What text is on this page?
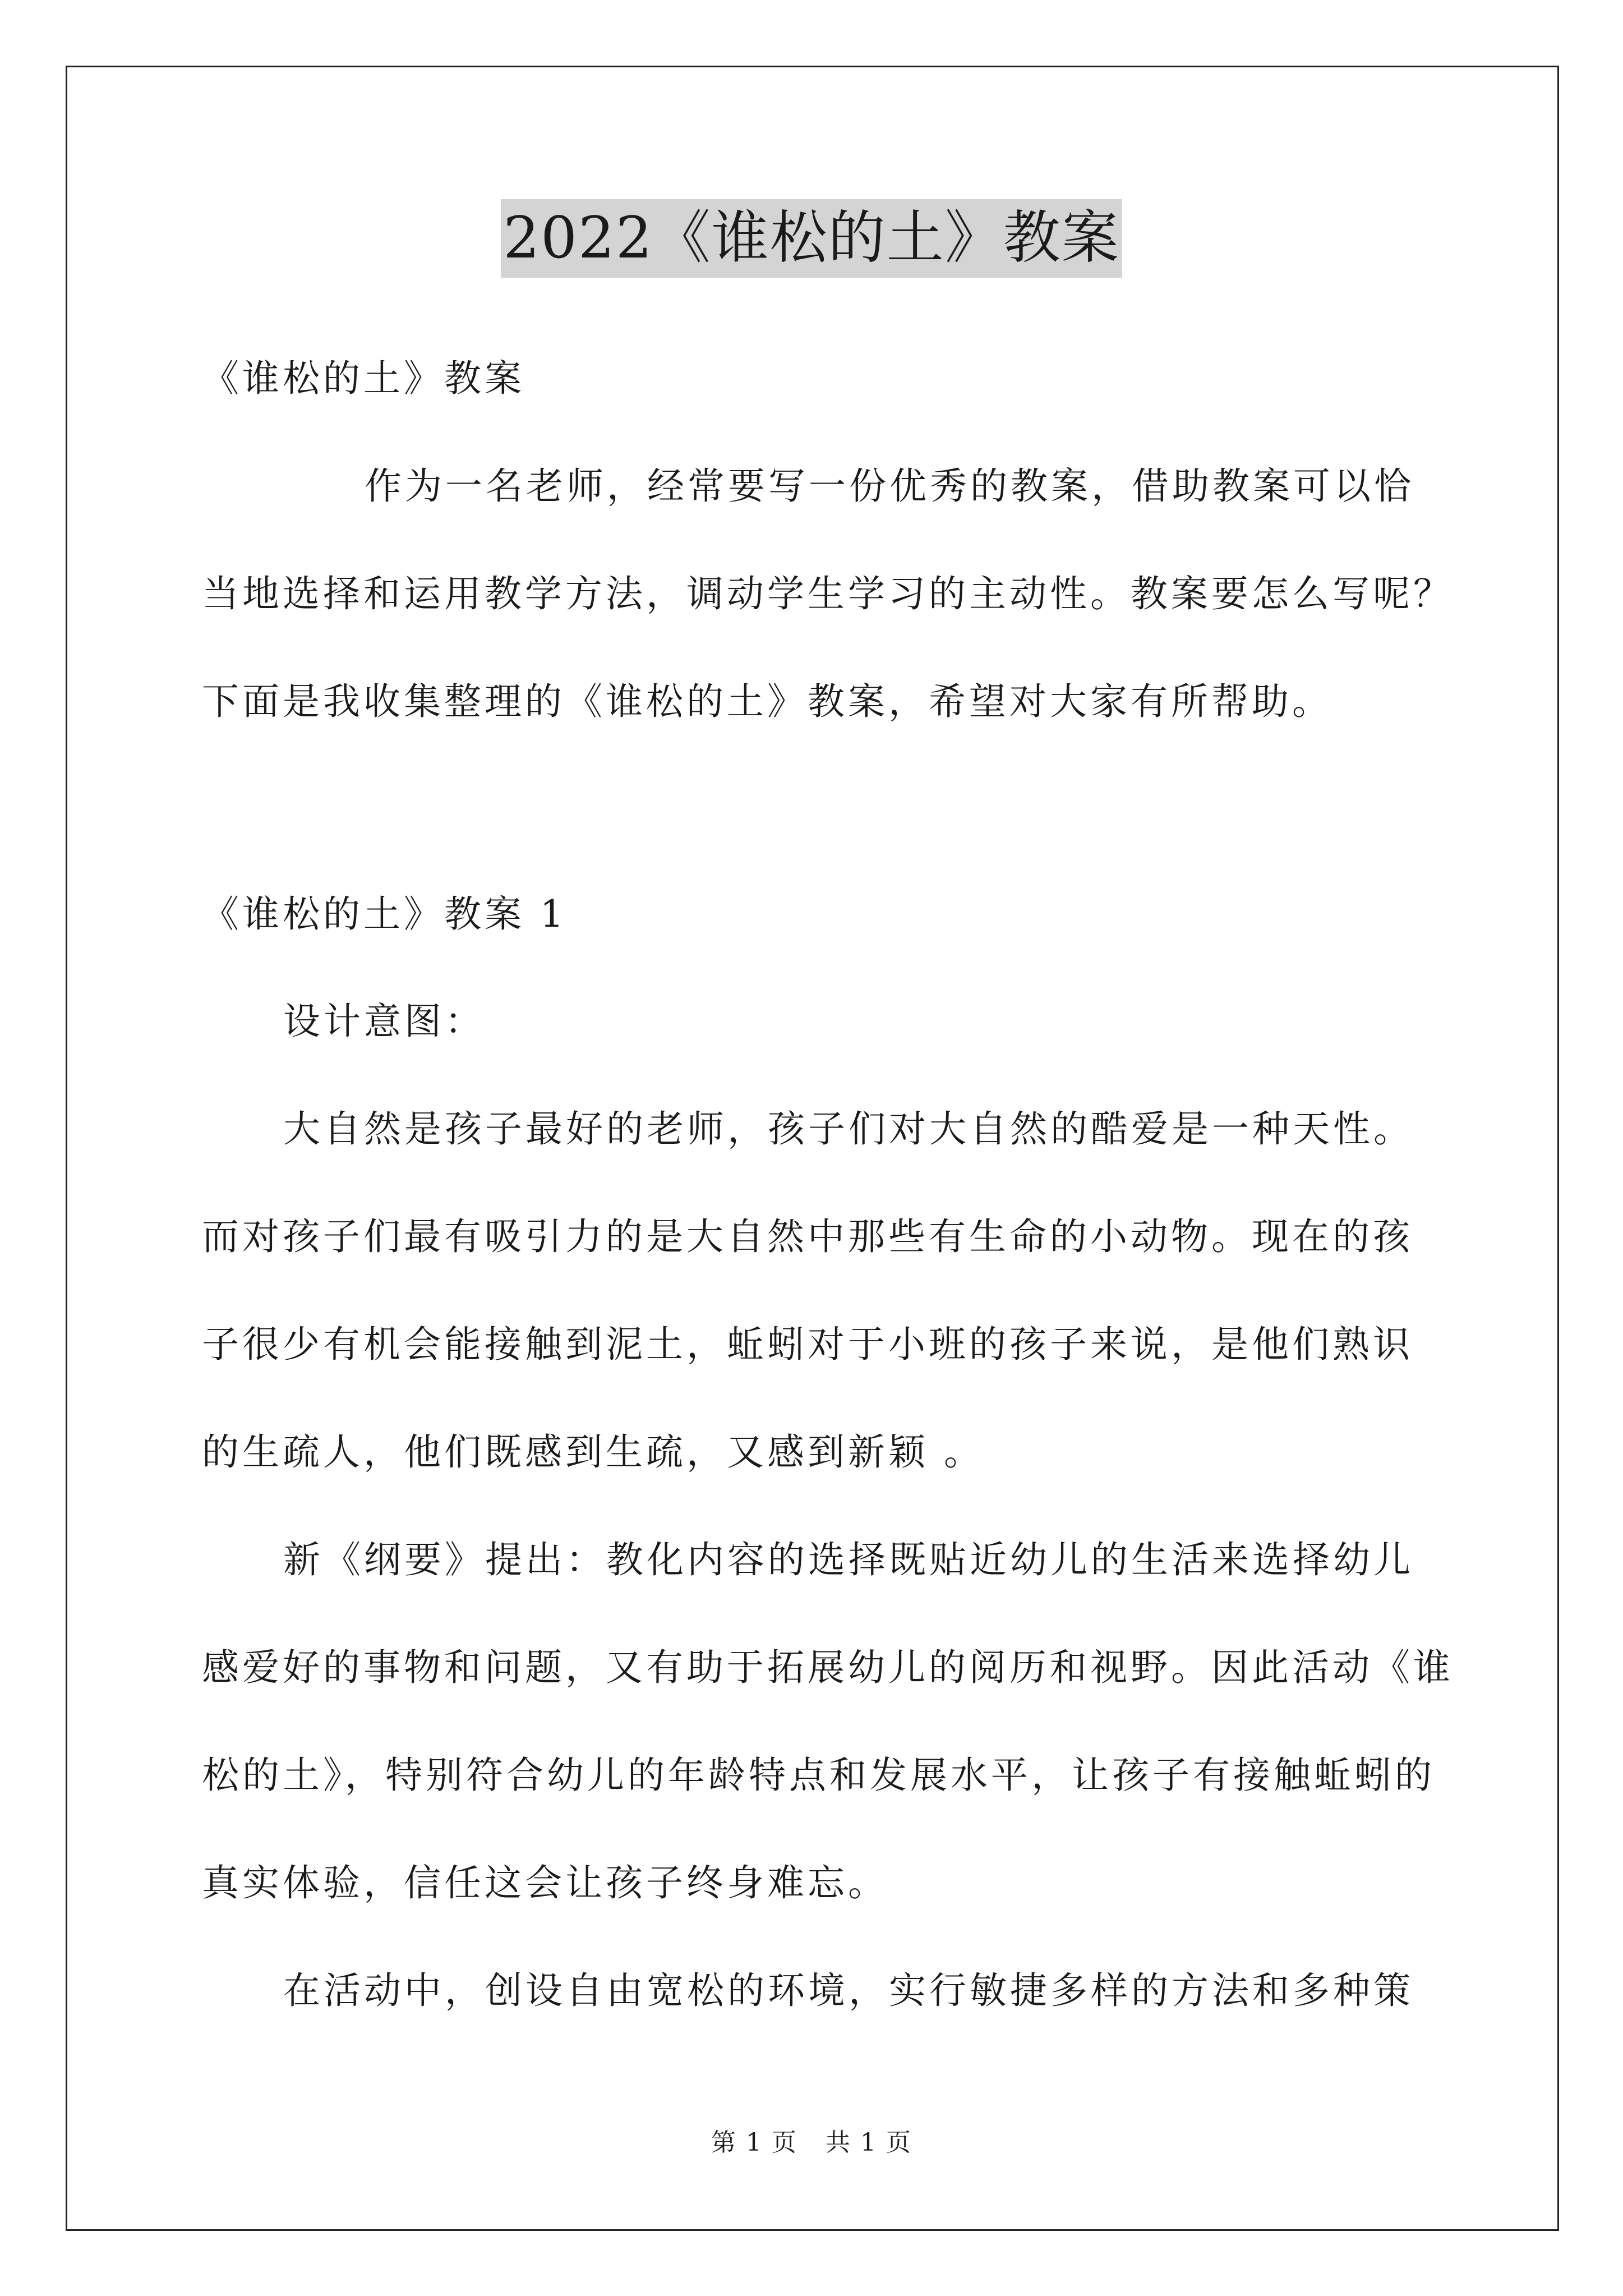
2022《谁松的土》教案
《谁松的土》教案
作为一名老师，经常要写一份优秀的教案，借助教案可以恰
当地选择和运用教学方法，调动学生学习的主动性。教案要怎么写呢？
下面是我收集整理的《谁松的土》教案，希望对大家有所帮助。
《谁松的土》教案 1
设计意图：
大自然是孩子最好的老师，孩子们对大自然的酷爱是一种天性。
而对孩子们最有吸引力的是大自然中那些有生命的小动物。现在的孩
子很少有机会能接触到泥土，蚯蚓对于小班的孩子来说，是他们熟识
的生疏人，他们既感到生疏，又感到新颖 。
新《纲要》提出：教化内容的选择既贴近幼儿的生活来选择幼儿
感爱好的事物和问题，又有助于拓展幼儿的阅历和视野。因此活动《谁
松的土》，特别符合幼儿的年龄特点和发展水平，让孩子有接触蚯蚓的
真实体验，信任这会让孩子终身难忘。
在活动中，创设自由宽松的环境，实行敏捷多样的方法和多种策
第 1 页 共 1 页
